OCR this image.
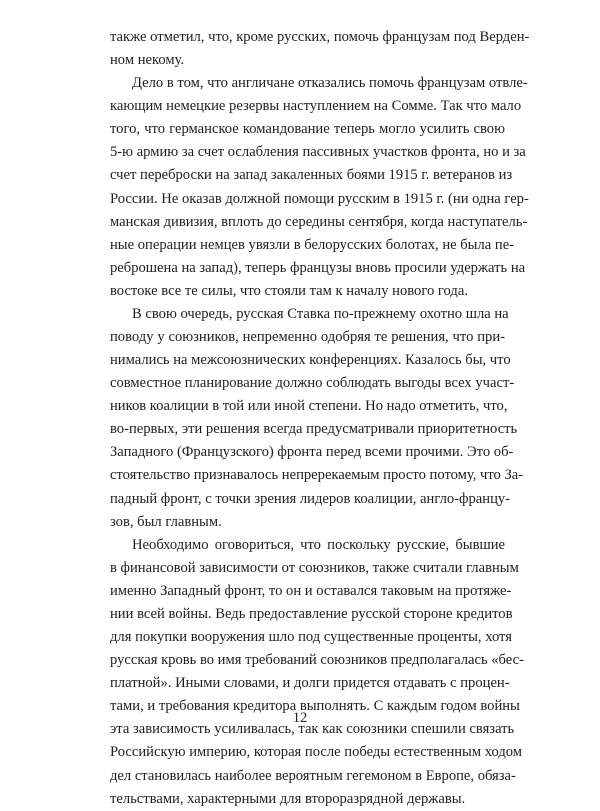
также отметил, что, кроме русских, помочь французам под Верден-
ном некому.
Дело в том, что англичане отказались помочь французам отвле-
кающим немецкие резервы наступлением на Сомме. Так что мало
того, что германское командование теперь могло усилить свою
5-ю армию за счет ослабления пассивных участков фронта, но и за
счет переброски на запад закаленных боями 1915 г. ветеранов из
России. Не оказав должной помощи русским в 1915 г. (ни одна гер-
манская дивизия, вплоть до середины сентября, когда наступатель-
ные операции немцев увязли в белорусских болотах, не была пе-
реброшена на запад), теперь французы вновь просили удержать на
востоке все те силы, что стояли там к началу нового года.
В свою очередь, русская Ставка по-прежнему охотно шла на
поводу у союзников, непременно одобряя те решения, что при-
нимались на межсоюзнических конференциях. Казалось бы, что
совместное планирование должно соблюдать выгоды всех участ-
ников коалиции в той или иной степени. Но надо отметить, что,
во-первых, эти решения всегда предусматривали приоритетность
Западного (Французского) фронта перед всеми прочими. Это об-
стоятельство признавалось непререкаемым просто потому, что За-
падный фронт, с точки зрения лидеров коалиции, англо-францу-
зов, был главным.
Необходимо оговориться, что поскольку русские, бывшие
в финансовой зависимости от союзников, также считали главным
именно Западный фронт, то он и оставался таковым на протяже-
нии всей войны. Ведь предоставление русской стороне кредитов
для покупки вооружения шло под существенные проценты, хотя
русская кровь во имя требований союзников предполагалась «бес-
платной». Иными словами, и долги придется отдавать с процен-
тами, и требования кредитора выполнять. С каждым годом войны
эта зависимость усиливалась, так как союзники спешили связать
Российскую империю, которая после победы естественным ходом
дел становилась наиболее вероятным гегемоном в Европе, обяза-
тельствами, характерными для второразрядной державы.
12
